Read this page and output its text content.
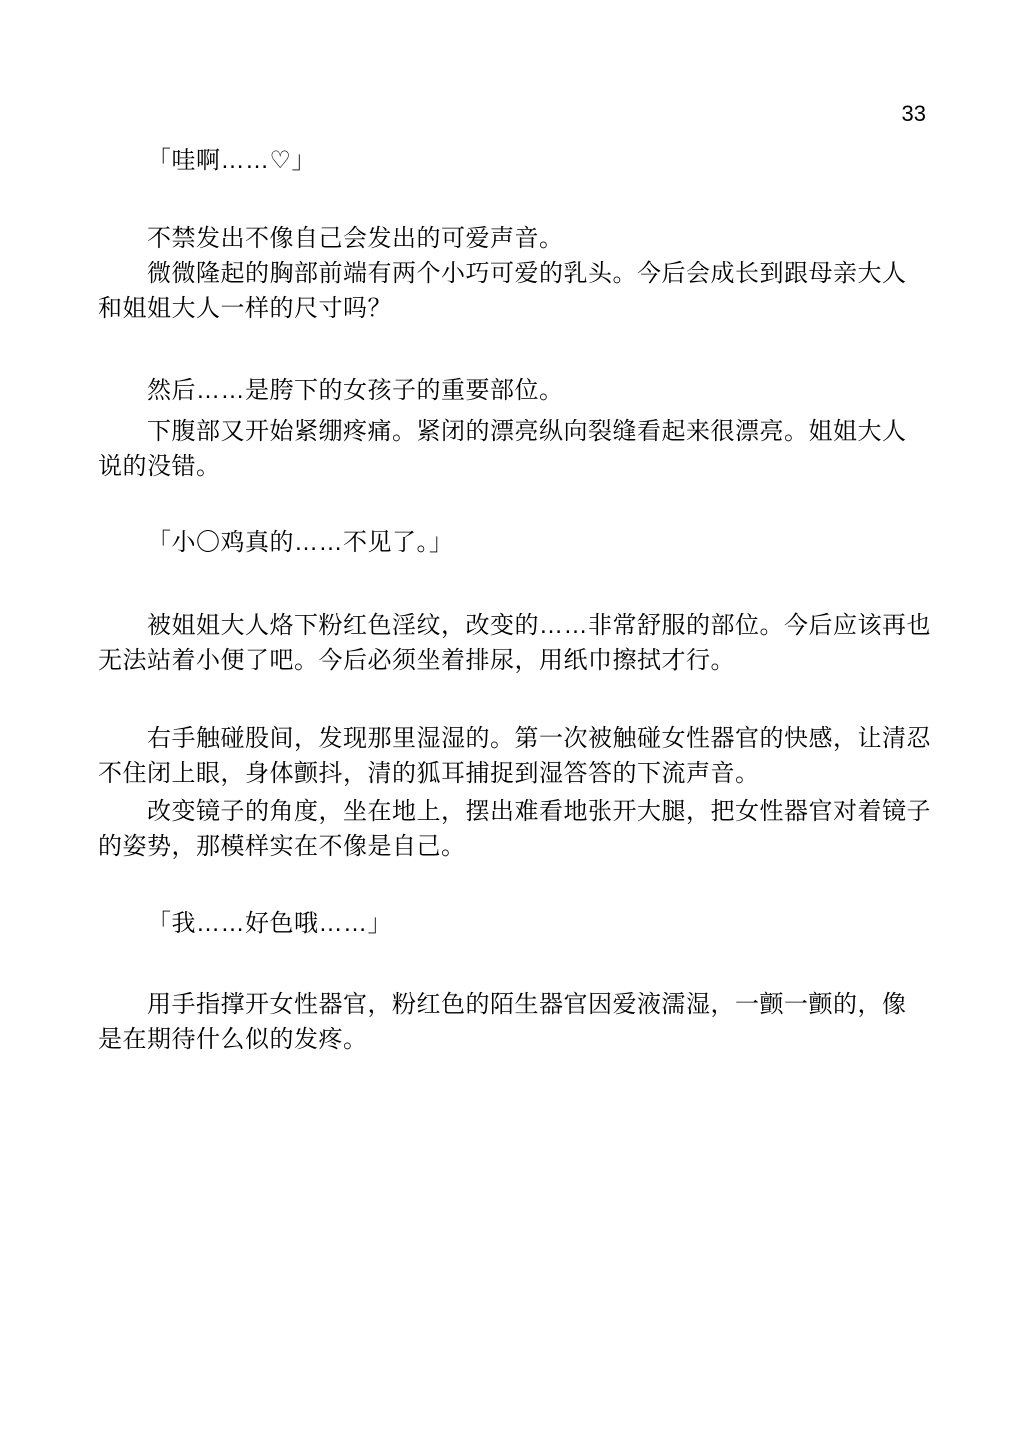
33

「哇啊……♡」

不禁发出不像自己会发出的可爱声音。

微微隆起的胸部前端有两个小巧可爱的乳头。今后会成长到跟母亲大人
和姐姐大人一样的尺寸吗？

然后……是胯下的女孩子的重要部位。

下腹部又开始紧绷疼痛。紧闭的漂亮纵向裂缝看起来很漂亮。姐姐大人
说的没错。

「小〇鸡真的……不见了。」

被姐姐大人烙下粉红色淫纹，改变的……非常舒服的部位。今后应该再也
无法站着小便了吧。今后必须坐着排尿，用纸巾擦拭才行。

右手触碰股间，发现那里湿湿的。第一次被触碰女性器官的快感，让清忍
不住闭上眼，身体颤抖，清的狐耳捕捉到湿答答的下流声音。

改变镜子的角度，坐在地上，摆出难看地张开大腿，把女性器官对着镜子
的姿势，那模样实在不像是自己。

「我……好色哦……」

用手指撑开女性器官，粉红色的陌生器官因爱液濡湿，一颤一颤的，像
是在期待什么似的发疼。
